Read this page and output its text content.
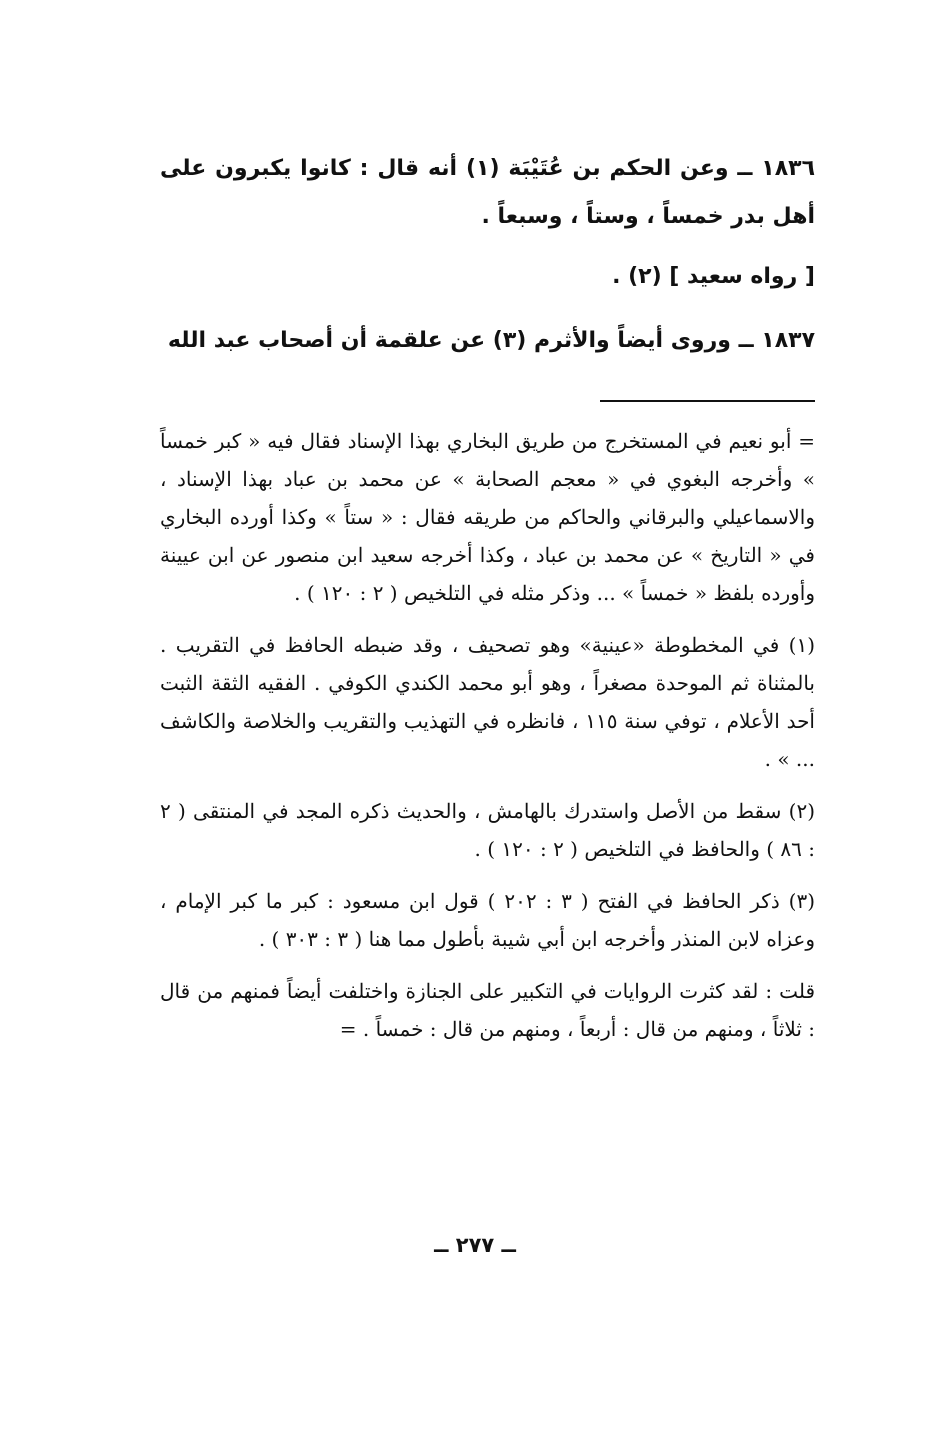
١٨٣٦ ــ وعن الحكم بن عُتَيْبَة (١) أنه قال : كانوا يكبرون على أهل بدر خمساً ، وستاً ، وسبعاً .

[ رواه سعيد ] (٢) .

١٨٣٧ ــ وروى أيضاً والأثرم (٣) عن علقمة أن أصحاب عبد الله

= أبو نعيم في المستخرج من طريق البخاري بهذا الإسناد فقال فيه « كبر خمساً » وأخرجه البغوي في « معجم الصحابة » عن محمد بن عباد بهذا الإسناد ، والاسماعيلي والبرقاني والحاكم من طريقه فقال : « ستاً » وكذا أورده البخاري في « التاريخ » عن محمد بن عباد ، وكذا أخرجه سعيد ابن منصور عن ابن عيينة وأورده بلفظ « خمساً » ... وذكر مثله في التلخيص ( ٢ : ١٢٠ ) .

(١) في المخطوطة «عينية» وهو تصحيف ، وقد ضبطه الحافظ في التقريب . بالمثناة ثم الموحدة مصغراً ، وهو أبو محمد الكندي الكوفي . الفقيه الثقة الثبت أحد الأعلام ، توفي سنة ١١٥ ، فانظره في التهذيب والتقريب والخلاصة والكاشف ... » .

(٢) سقط من الأصل واستدرك بالهامش ، والحديث ذكره المجد في المنتقى ( ٢ : ٨٦ ) والحافظ في التلخيص ( ٢ : ١٢٠ ) .

(٣) ذكر الحافظ في الفتح ( ٣ : ٢٠٢ ) قول ابن مسعود : كبر ما كبر الإمام ، وعزاه لابن المنذر وأخرجه ابن أبي شيبة بأطول مما هنا ( ٣ : ٣٠٣ ) .

قلت : لقد كثرت الروايات في التكبير على الجنازة واختلفت أيضاً فمنهم من قال : ثلاثاً ، ومنهم من قال : أربعاً ، ومنهم من قال : خمساً . =

ــ ٢٧٧ ــ
